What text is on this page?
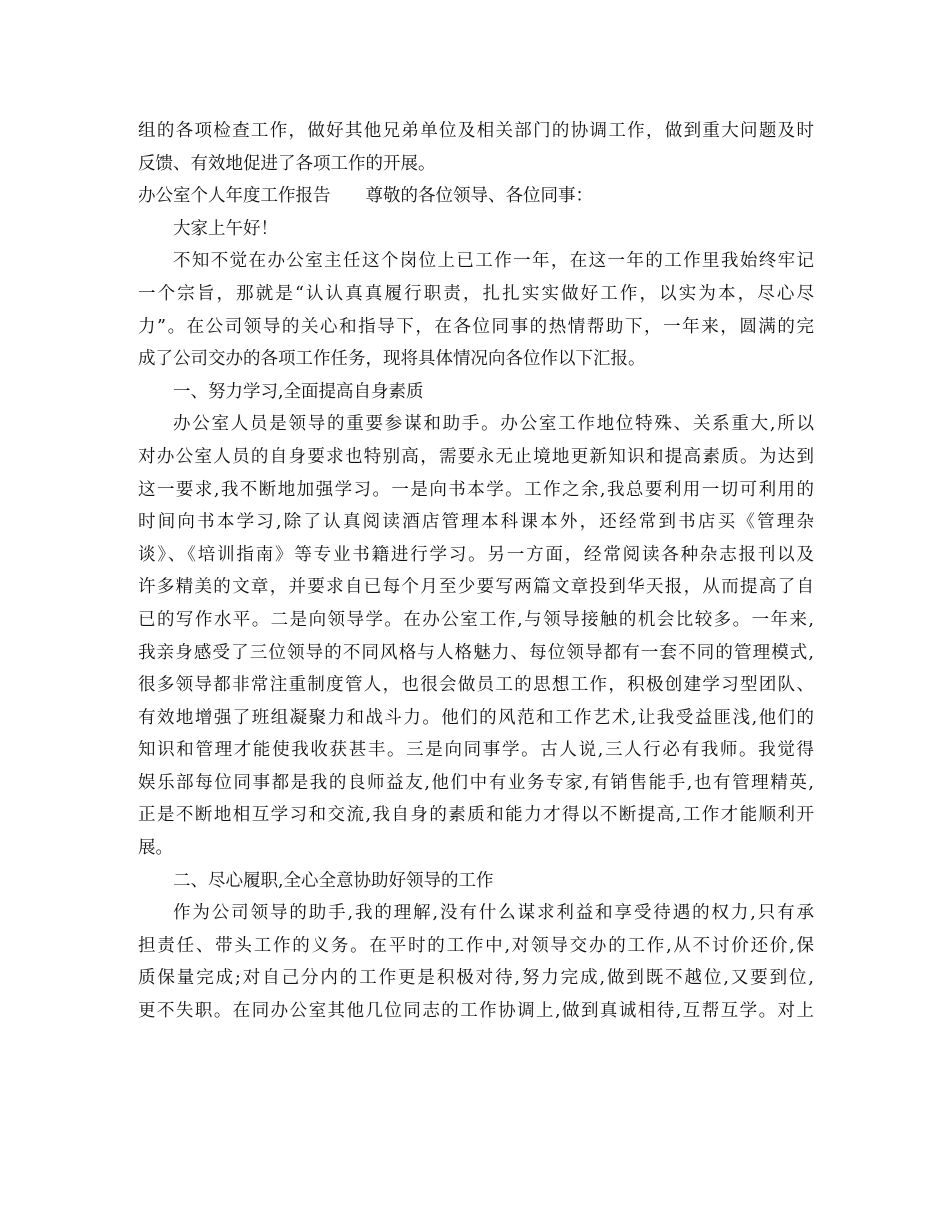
组的各项检查工作，做好其他兄弟单位及相关部门的协调工作，做到重大问题及时
反馈、有效地促进了各项工作的开展。
办公室个人年度工作报告　　尊敬的各位领导、各位同事：
大家上午好！
不知不觉在办公室主任这个岗位上已工作一年，在这一年的工作里我始终牢记
一个宗旨，那就是“认认真真履行职责，扎扎实实做好工作，以实为本，尽心尽
力”。在公司领导的关心和指导下，在各位同事的热情帮助下，一年来，圆满的完
成了公司交办的各项工作任务，现将具体情况向各位作以下汇报。
一、努力学习,全面提高自身素质
办公室人员是领导的重要参谋和助手。办公室工作地位特殊、关系重大,所以
对办公室人员的自身要求也特别高，需要永无止境地更新知识和提高素质。为达到
这一要求,我不断地加强学习。一是向书本学。工作之余,我总要利用一切可利用的
时间向书本学习,除了认真阅读酒店管理本科课本外，还经常到书店买《管理杂
谈》、《培训指南》等专业书籍进行学习。另一方面，经常阅读各种杂志报刊以及
许多精美的文章，并要求自已每个月至少要写两篇文章投到华天报，从而提高了自
已的写作水平。二是向领导学。在办公室工作,与领导接触的机会比较多。一年来,
我亲身感受了三位领导的不同风格与人格魅力、每位领导都有一套不同的管理模式,
很多领导都非常注重制度管人，也很会做员工的思想工作，积极创建学习型团队、
有效地增强了班组凝聚力和战斗力。他们的风范和工作艺术,让我受益匪浅,他们的
知识和管理才能使我收获甚丰。三是向同事学。古人说,三人行必有我师。我觉得
娱乐部每位同事都是我的良师益友,他们中有业务专家,有销售能手,也有管理精英,
正是不断地相互学习和交流,我自身的素质和能力才得以不断提高,工作才能顺利开
展。
二、尽心履职,全心全意协助好领导的工作
作为公司领导的助手,我的理解,没有什么谋求利益和享受待遇的权力,只有承
担责任、带头工作的义务。在平时的工作中,对领导交办的工作,从不讨价还价,保
质保量完成;对自己分内的工作更是积极对待,努力完成,做到既不越位,又要到位,
更不失职。在同办公室其他几位同志的工作协调上,做到真诚相待,互帮互学。对上
